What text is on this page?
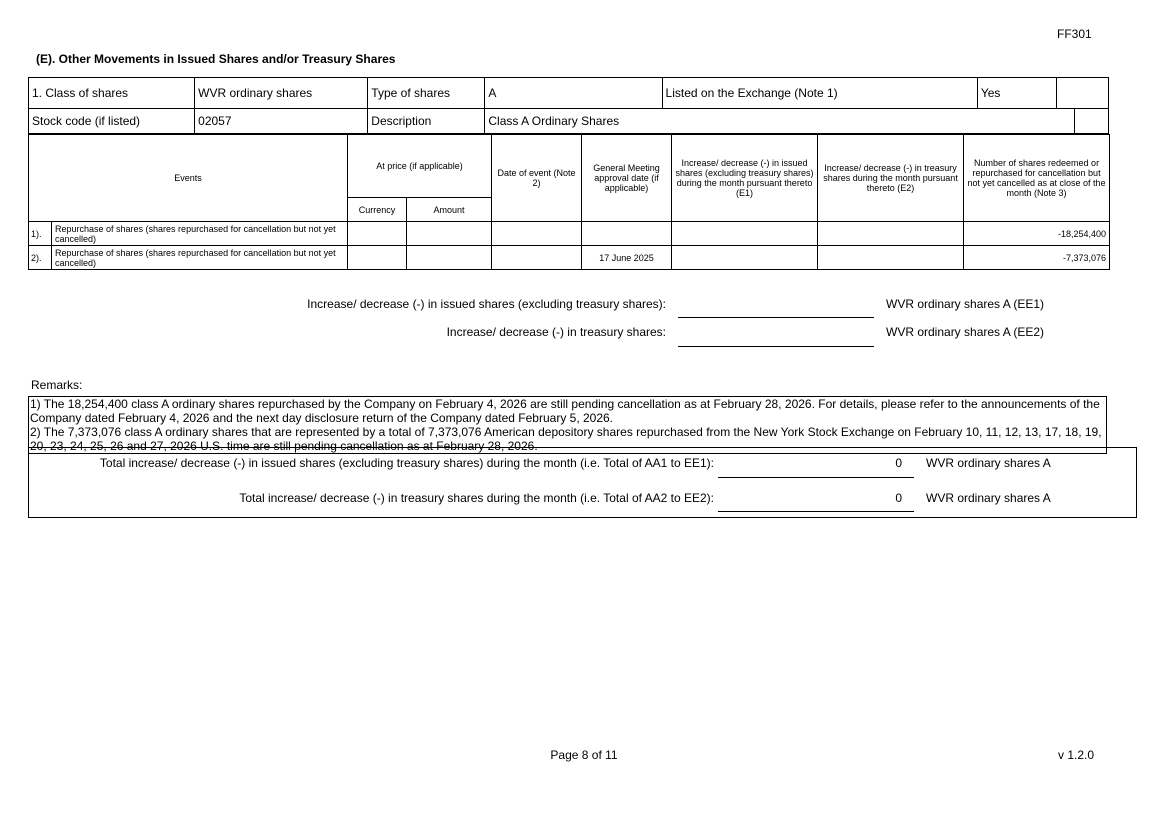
FF301
(E). Other Movements in Issued Shares and/or Treasury Shares
1. Class of shares	WVR ordinary shares	Type of shares	A	Listed on the Exchange (Note 1)	Yes		
Stock code (if listed)	02057	Description	Class A Ordinary Shares				
Events		At price (if applicable)		Date of event (Note 2)	General Meeting approval date (if applicable)	Increase/ decrease (-) in issued shares (excluding treasury shares) during the month pursuant thereto (E1)	Increase/ decrease (-) in treasury shares during the month pursuant thereto (E2)	Number of shares redeemed or repurchased for cancellation but not yet cancelled as at close of the month (Note 3)
		Currency	Amount					
1).	Repurchase of shares (shares repurchased for cancellation but not yet cancelled)							-18,254,400
2).	Repurchase of shares (shares repurchased for cancellation but not yet cancelled)				17 June 2025			-7,373,076
Increase/ decrease (-) in issued shares (excluding treasury shares):	WVR ordinary shares A (EE1)
Increase/ decrease (-) in treasury shares:	WVR ordinary shares A (EE2)
Remarks:
1) The 18,254,400 class A ordinary shares repurchased by the Company on February 4, 2026 are still pending cancellation as at February 28, 2026. For details, please refer to the announcements of the Company dated February 4, 2026 and the next day disclosure return of the Company dated February 5, 2026.
2) The 7,373,076 class A ordinary shares that are represented by a total of 7,373,076 American depository shares repurchased from the New York Stock Exchange on February 10, 11, 12, 13, 17, 18, 19, 20, 23, 24, 25, 26 and 27, 2026 U.S. time are still pending cancellation as at February 28, 2026.
Total increase/ decrease (-) in issued shares (excluding treasury shares) during the month (i.e. Total of AA1 to EE1):	0 WVR ordinary shares A
Total increase/ decrease (-) in treasury shares during the month (i.e. Total of AA2 to EE2):	0 WVR ordinary shares A
Page 8 of 11	v 1.2.0
